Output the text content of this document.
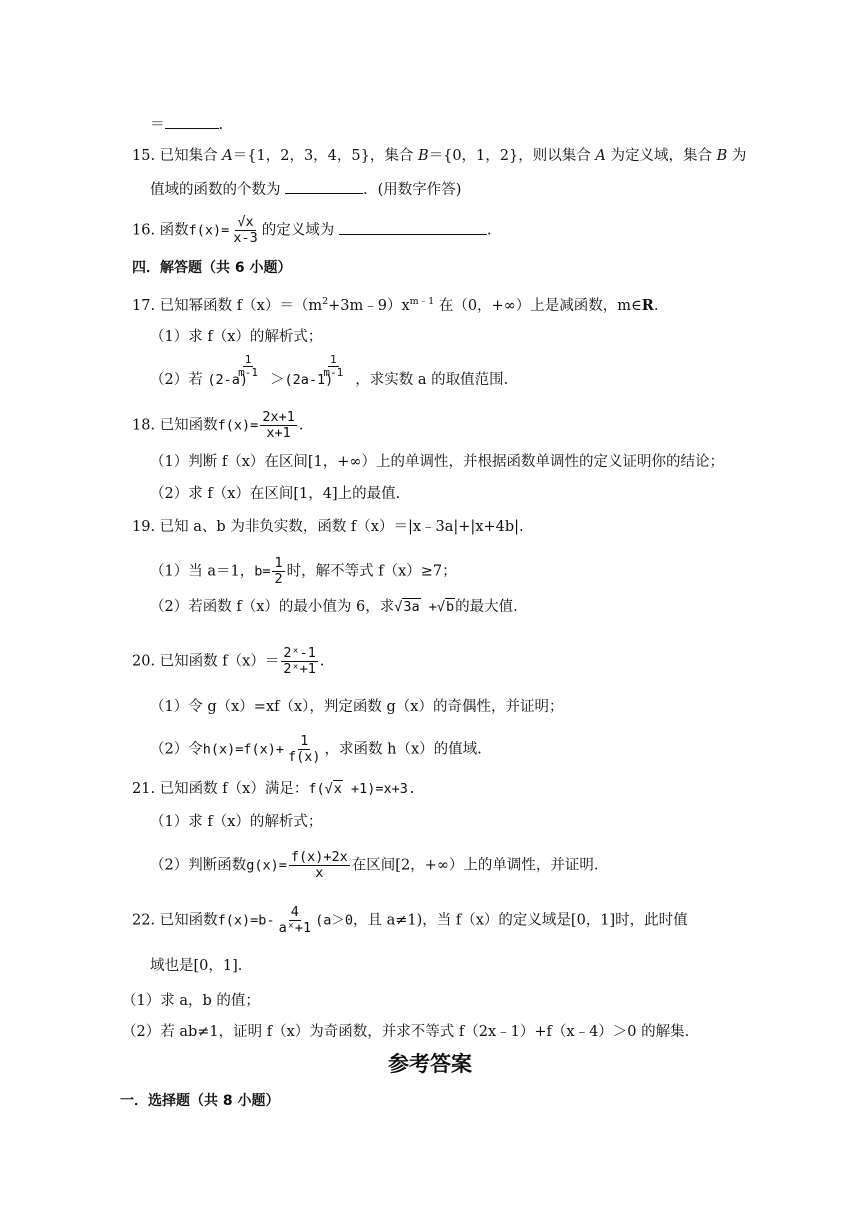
＝	.
15. 已知集合 A＝{1，2，3，4，5}，集合 B＝{0，1，2}，则以集合 A 为定义域，集合 B 为
值域的函数的个数为	．(用数字作答)
16. 函数$f(x)= \frac{√x}{x-3}$ 的定义域为	.
四．解答题（共 6 小题）
17. 已知幂函数 $f(x)=(m^2+3m﹣9)x^{m﹣1}$ 在（0，+∞）上是减函数，m∈R.
（1）求 f（x）的解析式；
（2）若 (2-a)
$\frac{1}{m-1}$
＞(2a-1)
$\frac{1}{m-1}$
，求实数 a 的取值范围.
18. 已知函数$f(x)= \frac{2x+1}{x+1}$ .
（1）判断 f（x）在区间[1，+∞）上的单调性，并根据函数单调性的定义证明你的结论；
（2）求 f（x）在区间[1，4]上的最值.
19. 已知 a、b 为非负实数，函数 f（x）＝|x﹣3a|+|x+4b|.
（1）当 a＝1，$b= \frac{1}{2}$ 时，解不等式 f（x）≥7；
（2）若函数 f（x）的最小值为 6，求√3a +√b的最大值.
20. 已知函数 $f(x)= \frac{\text{2ˣ-1}}{\text{2ˣ+1}}$ .
（1）令 g（x）=xf（x），判定函数 g（x）的奇偶性，并证明；
（2）令$h(x)=f(x)+ \frac{1}{f(x)}$ ，求函数 h（x）的值域.
21. 已知函数 f（x）满足：f(√x +1)=x+3.
（1）求 f（x）的解析式；
（2）判断函数$g(x)= \frac{f(x)+2x}{x}$ 在区间[2，+∞）上的单调性，并证明.
22. 已知函数$f(x)=b- \frac{4}{\text{aˣ+1}} (a>0$，且 a≠1)，当 f（x）的定义域是[0，1]时，此时值
域也是[0，1].
（1）求 a，b 的值；
（2）若 ab≠1，证明 f（x）为奇函数，并求不等式 f（2x﹣1）+f（x﹣4）＞0 的解集.
参考答案
一．选择题（共 8 小题）
